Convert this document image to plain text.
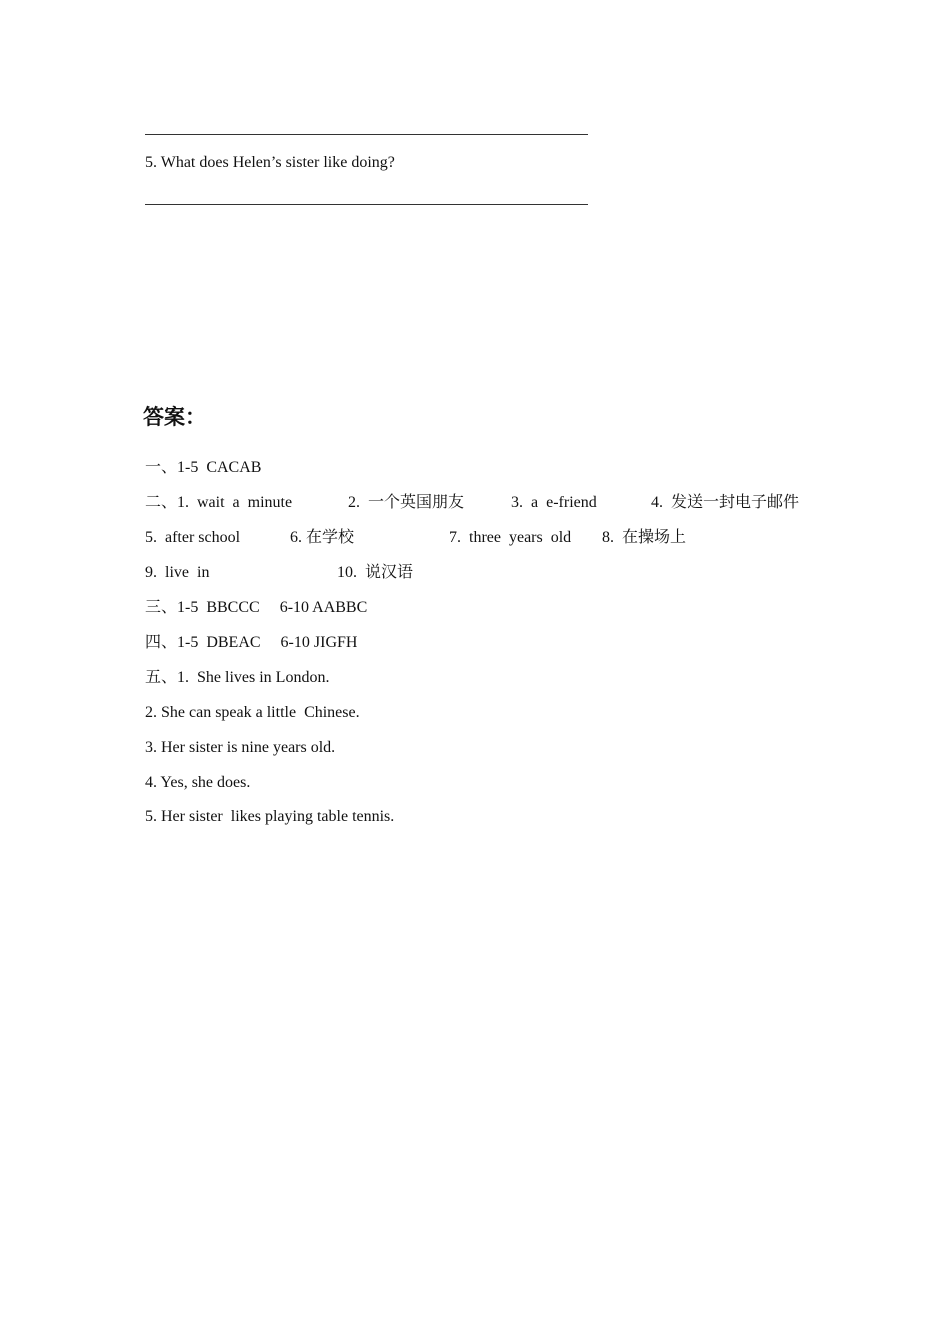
5. What does Helen’s sister like doing?
答案：
一、1-5  CACAB
二、1.  wait  a  minute	2.  一个英国朋友	3.  a  e-friend	4.  发送一封电子邮件
5.  after school	6. 在学校	7.  three  years  old 8.  在操场上
9.  live  in	10.  说汉语
三、1-5  BBCCC     6-10 AABBC
四、1-5  DBEAC     6-10 JIGFH
五、1.  She lives in London.
2. She can speak a little  Chinese.
3. Her sister is nine years old.
4. Yes, she does.
5. Her sister  likes playing table tennis.
